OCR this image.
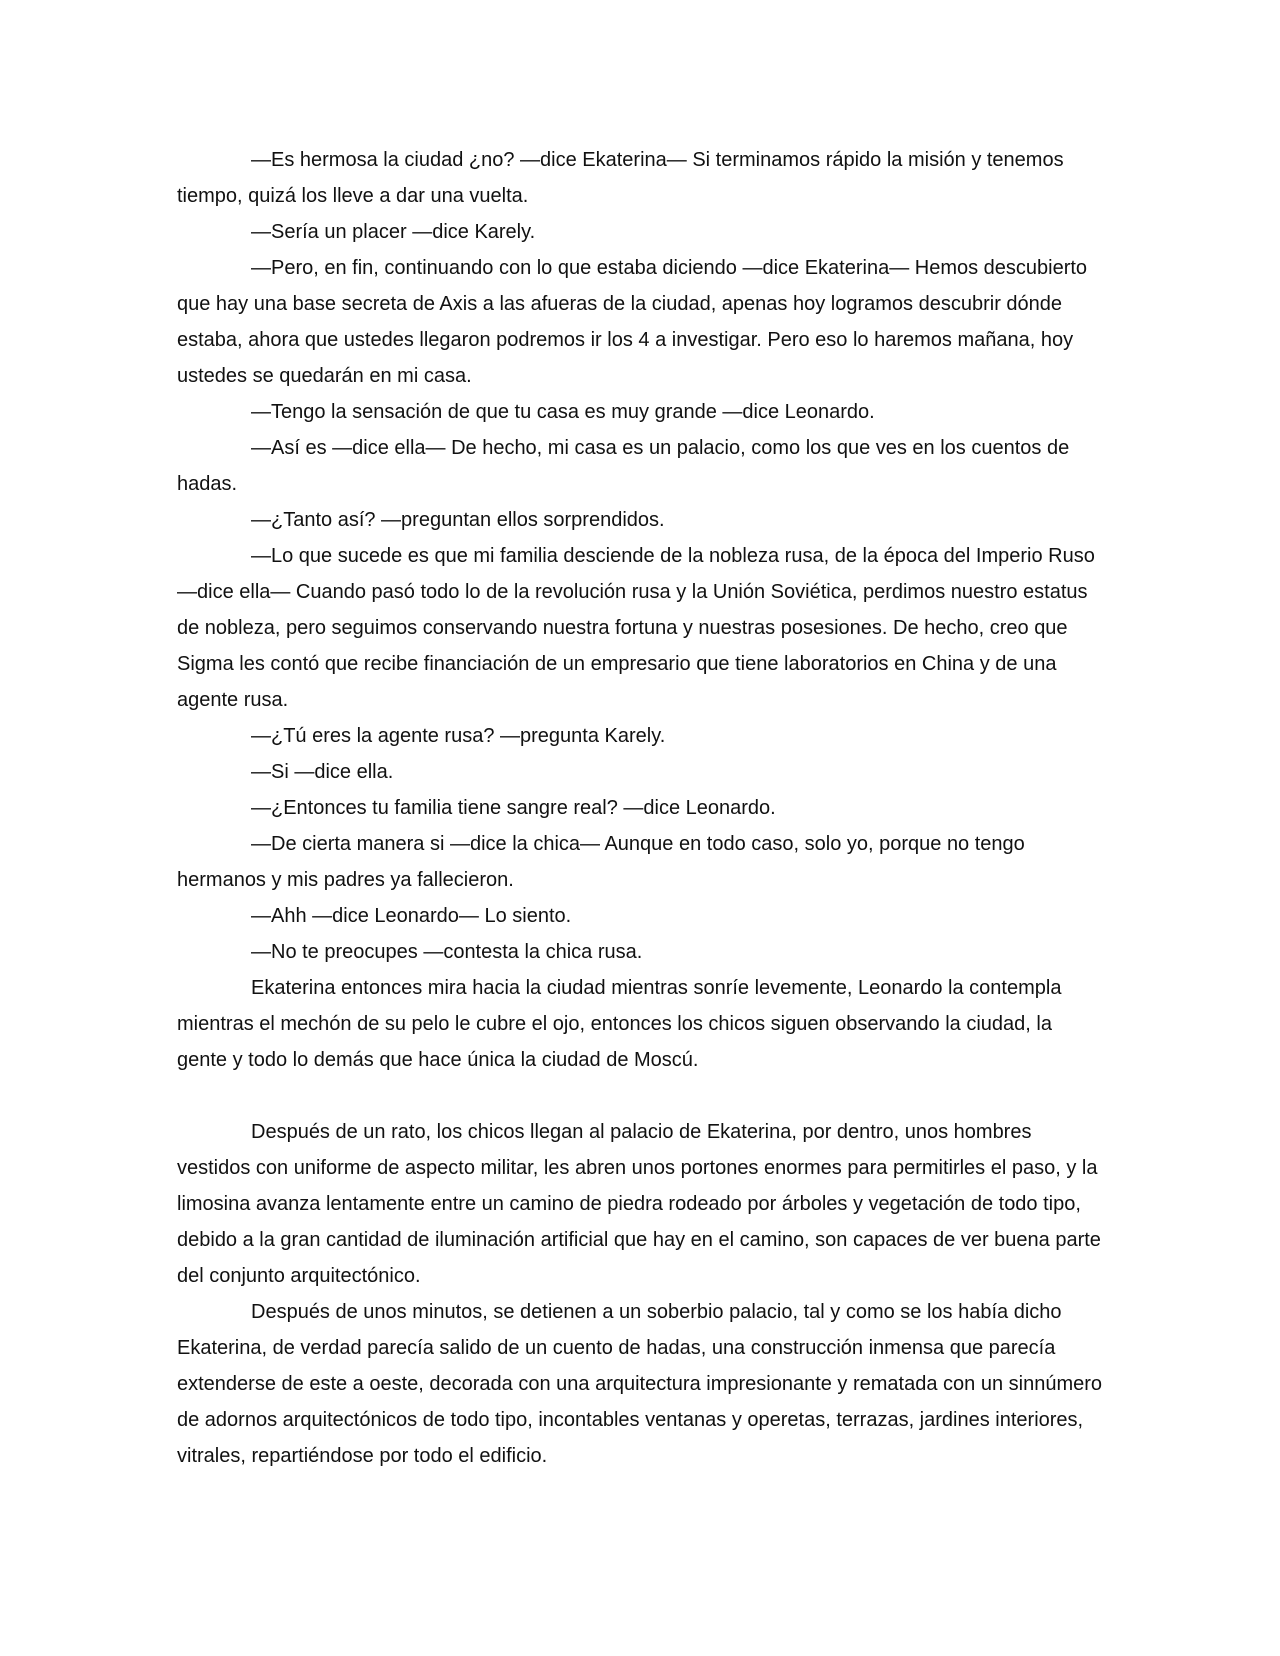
―Es hermosa la ciudad ¿no? ―dice Ekaterina― Si terminamos rápido la misión y tenemos tiempo, quizá los lleve a dar una vuelta.

―Sería un placer ―dice Karely.

―Pero, en fin, continuando con lo que estaba diciendo ―dice Ekaterina― Hemos descubierto que hay una base secreta de Axis a las afueras de la ciudad, apenas hoy logramos descubrir dónde estaba, ahora que ustedes llegaron podremos ir los 4 a investigar. Pero eso lo haremos mañana, hoy ustedes se quedarán en mi casa.

―Tengo la sensación de que tu casa es muy grande ―dice Leonardo.

―Así es ―dice ella― De hecho, mi casa es un palacio, como los que ves en los cuentos de hadas.

―¿Tanto así? ―preguntan ellos sorprendidos.

―Lo que sucede es que mi familia desciende de la nobleza rusa, de la época del Imperio Ruso ―dice ella― Cuando pasó todo lo de la revolución rusa y la Unión Soviética, perdimos nuestro estatus de nobleza, pero seguimos conservando nuestra fortuna y nuestras posesiones. De hecho, creo que Sigma les contó que recibe financiación de un empresario que tiene laboratorios en China y de una agente rusa.

―¿Tú eres la agente rusa? ―pregunta Karely.

―Si ―dice ella.

―¿Entonces tu familia tiene sangre real? ―dice Leonardo.

―De cierta manera si ―dice la chica― Aunque en todo caso, solo yo, porque no tengo hermanos y mis padres ya fallecieron.

―Ahh ―dice Leonardo― Lo siento.

―No te preocupes ―contesta la chica rusa.

Ekaterina entonces mira hacia la ciudad mientras sonríe levemente, Leonardo la contempla mientras el mechón de su pelo le cubre el ojo, entonces los chicos siguen observando la ciudad, la gente y todo lo demás que hace única la ciudad de Moscú.

Después de un rato, los chicos llegan al palacio de Ekaterina, por dentro, unos hombres vestidos con uniforme de aspecto militar, les abren unos portones enormes para permitirles el paso, y la limosina avanza lentamente entre un camino de piedra rodeado por árboles y vegetación de todo tipo, debido a la gran cantidad de iluminación artificial que hay en el camino, son capaces de ver buena parte del conjunto arquitectónico.

Después de unos minutos, se detienen a un soberbio palacio, tal y como se los había dicho Ekaterina, de verdad parecía salido de un cuento de hadas, una construcción inmensa que parecía extenderse de este a oeste, decorada con una arquitectura impresionante y rematada con un sinnúmero de adornos arquitectónicos de todo tipo, incontables ventanas y operetas, terrazas, jardines interiores, vitrales, repartiéndose por todo el edificio.
